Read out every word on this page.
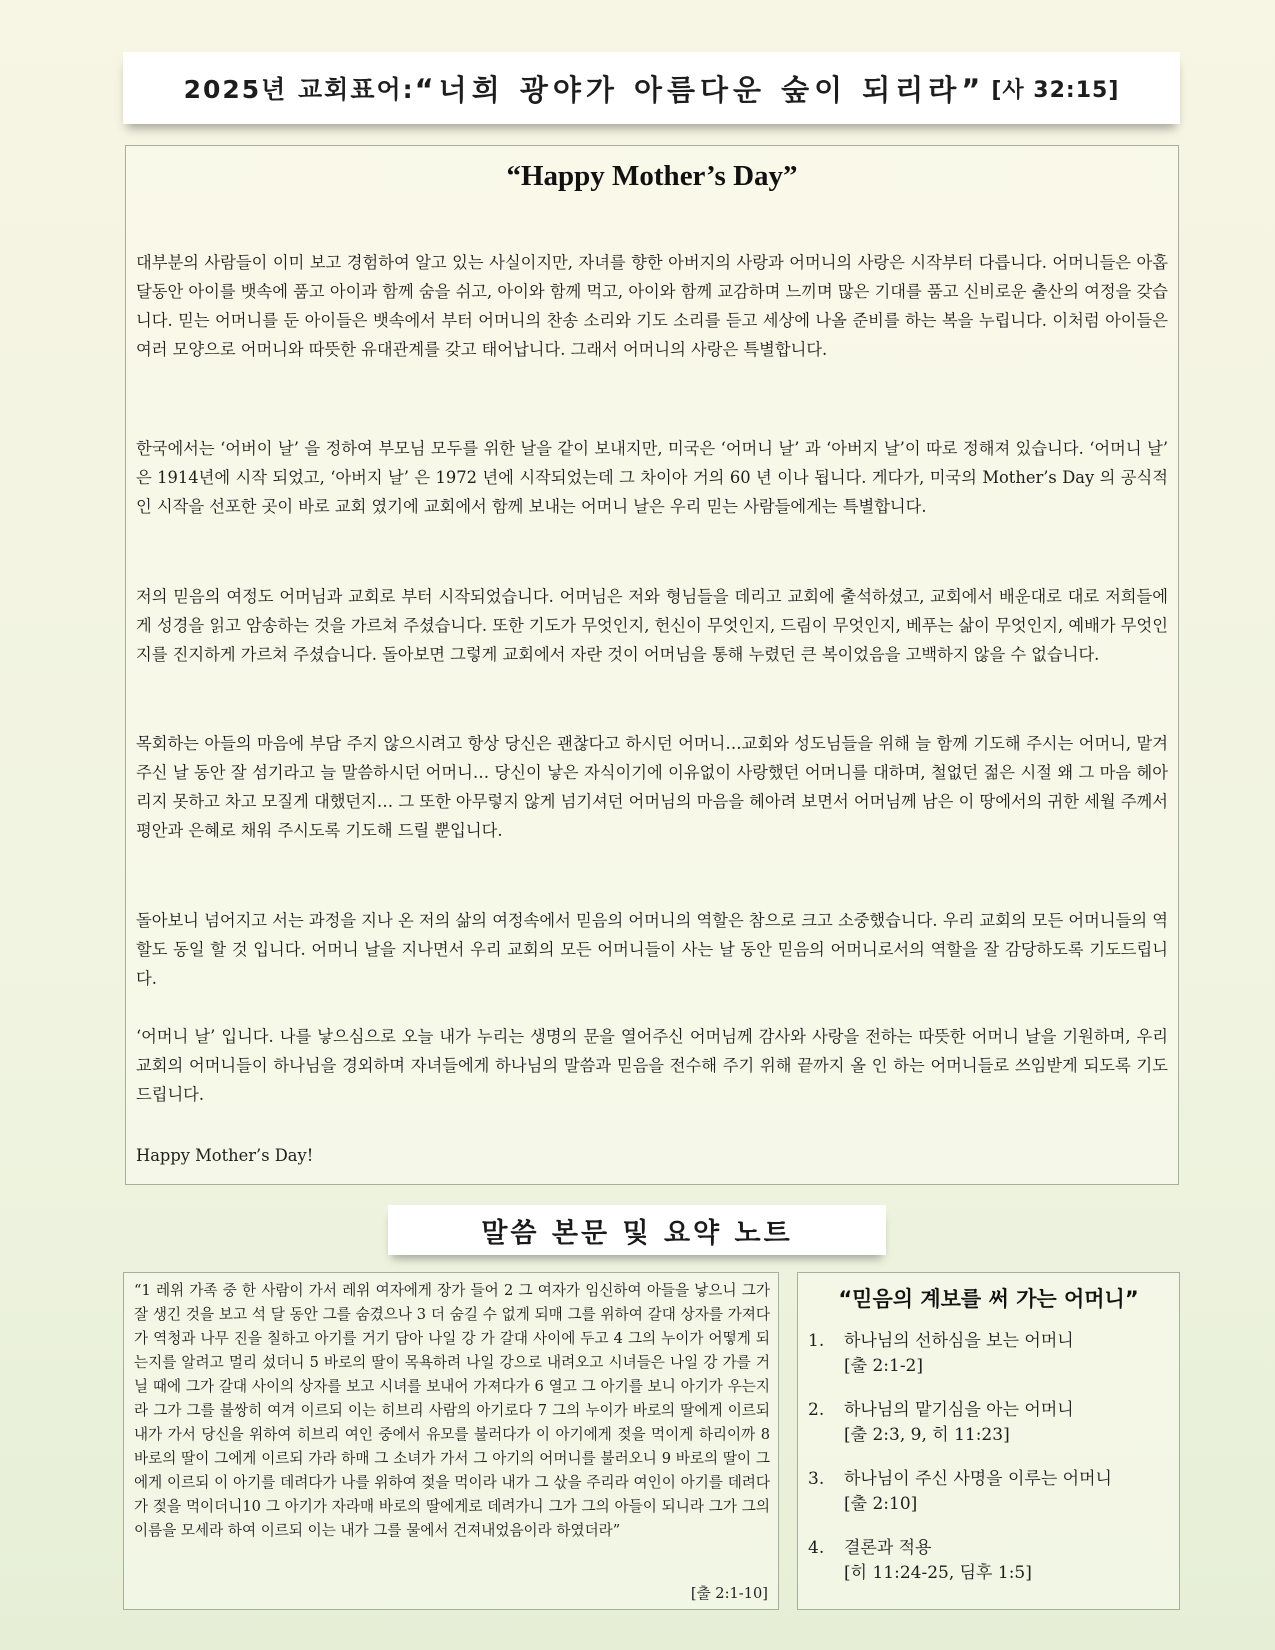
2025년 교회표어: “너희 광야가 아름다운 숲이 되리라” [사 32:15]
“Happy Mother’s Day”

대부분의 사람들이 이미 보고 경험하여 알고 있는 사실이지만, 자녀를 향한 아버지의 사랑과 어머니의 사랑은 시작부터 다릅니다. 어머니들은 아홉달동안 아이를 뱃속에 품고 아이과 함께 숨을 쉬고, 아이와 함께 먹고, 아이와 함께 교감하며 느끼며 많은 기대를 품고 신비로운 출산의 여정을 갖습니다. 믿는 어머니를 둔 아이들은 뱃속에서 부터 어머니의 찬송 소리와 기도 소리를 듣고 세상에 나올 준비를 하는 복을 누립니다. 이처럼 아이들은 여러 모양으로 어머니와 따뜻한 유대관계를 갖고 태어납니다. 그래서 어머니의 사랑은 특별합니다.

한국에서는 ‘어버이 날’ 을 정하여 부모님 모두를 위한 날을 같이 보내지만, 미국은 ‘어머니 날’ 과 ‘아버지 날’이 따로 정해져 있습니다. ‘어머니 날’ 은 1914년에 시작 되었고, ‘아버지 날’ 은 1972 년에 시작되었는데 그 차이아 거의 60 년 이나 됩니다. 게다가, 미국의 Mother’s Day 의 공식적인 시작을 선포한 곳이 바로 교회 였기에 교회에서 함께 보내는 어머니 날은 우리 믿는 사람들에게는 특별합니다.

저의 믿음의 여정도 어머님과 교회로 부터 시작되었습니다. 어머님은 저와 형님들을 데리고 교회에 출석하셨고, 교회에서 배운대로 대로 저희들에게 성경을 읽고 암송하는 것을 가르쳐 주셨습니다. 또한 기도가 무엇인지, 헌신이 무엇인지, 드림이 무엇인지, 베푸는 삶이 무엇인지, 예배가 무엇인지를 진지하게 가르쳐 주셨습니다. 돌아보면 그렇게 교회에서 자란 것이 어머님을 통해 누렸던 큰 복이었음을 고백하지 않을 수 없습니다.

목회하는 아들의 마음에 부담 주지 않으시려고 항상 당신은 괜찮다고 하시던 어머니…교회와 성도님들을 위해 늘 함께 기도해 주시는 어머니, 맡겨주신 날 동안 잘 섬기라고 늘 말씀하시던 어머니… 당신이 낳은 자식이기에 이유없이 사랑했던 어머니를 대하며, 철없던 젊은 시절 왜 그 마음 헤아리지 못하고 차고 모질게 대했던지… 그 또한 아무렇지 않게 넘기셔던 어머님의 마음을 헤아려 보면서 어머님께 남은 이 땅에서의 귀한 세월 주께서 평안과 은혜로 채워 주시도록 기도해 드릴 뿐입니다.

돌아보니 넘어지고 서는 과정을 지나 온 저의 삶의 여정속에서 믿음의 어머니의 역할은 참으로 크고 소중했습니다. 우리 교회의 모든 어머니들의 역할도 동일 할 것 입니다. 어머니 날을 지나면서 우리 교회의 모든 어머니들이 사는 날 동안 믿음의 어머니로서의 역할을 잘 감당하도록 기도드립니다.

‘어머니 날’ 입니다. 나를 낳으심으로 오늘 내가 누리는 생명의 문을 열어주신 어머님께 감사와 사랑을 전하는 따뜻한 어머니 날을 기원하며, 우리 교회의 어머니들이 하나님을 경외하며 자녀들에게 하나님의 말씀과 믿음을 전수해 주기 위해 끝까지 올 인 하는 어머니들로 쓰임받게 되도록 기도 드립니다.

Happy Mother’s Day!

말씀 본문 및 요약 노트

“1 레위 가족 중 한 사람이 가서 레위 여자에게 장가 들어 2 그 여자가 임신하여 아들을 낳으니 그가 잘 생긴 것을 보고 석 달 동안 그를 숨겼으나 3 더 숨길 수 없게 되매 그를 위하여 갈대 상자를 가져다가 역청과 나무 진을 칠하고 아기를 거기 담아 나일 강 가 갈대 사이에 두고 4 그의 누이가 어떻게 되는지를 알려고 멀리 섰더니 5 바로의 딸이 목욕하려 나일 강으로 내려오고 시녀들은 나일 강 가를 거닐 때에 그가 갈대 사이의 상자를 보고 시녀를 보내어 가져다가 6 열고 그 아기를 보니 아기가 우는지라 그가 그를 불쌍히 여겨 이르되 이는 히브리 사람의 아기로다 7 그의 누이가 바로의 딸에게 이르되 내가 가서 당신을 위하여 히브리 여인 중에서 유모를 불러다가 이 아기에게 젖을 먹이게 하리이까 8 바로의 딸이 그에게 이르되 가라 하매 그 소녀가 가서 그 아기의 어머니를 불러오니 9 바로의 딸이 그에게 이르되 이 아기를 데려다가 나를 위하여 젖을 먹이라 내가 그 삯을 주리라 여인이 아기를 데려다가 젖을 먹이더니10 그 아기가 자라매 바로의 딸에게로 데려가니 그가 그의 아들이 되니라 그가 그의 이름을 모세라 하여 이르되 이는 내가 그를 물에서 건져내었음이라 하였더라”

[출 2:1-10]
“믿음의 계보를 써 가는 어머니”
1. 하나님의 선하심을 보는 어머니
[출 2:1-2]
2. 하나님의 맡기심을 아는 어머니
[출 2:3, 9, 히 11:23]
3. 하나님이 주신 사명을 이루는 어머니
[출 2:10]
4. 결론과 적용
[히 11:24-25, 딤후 1:5]
